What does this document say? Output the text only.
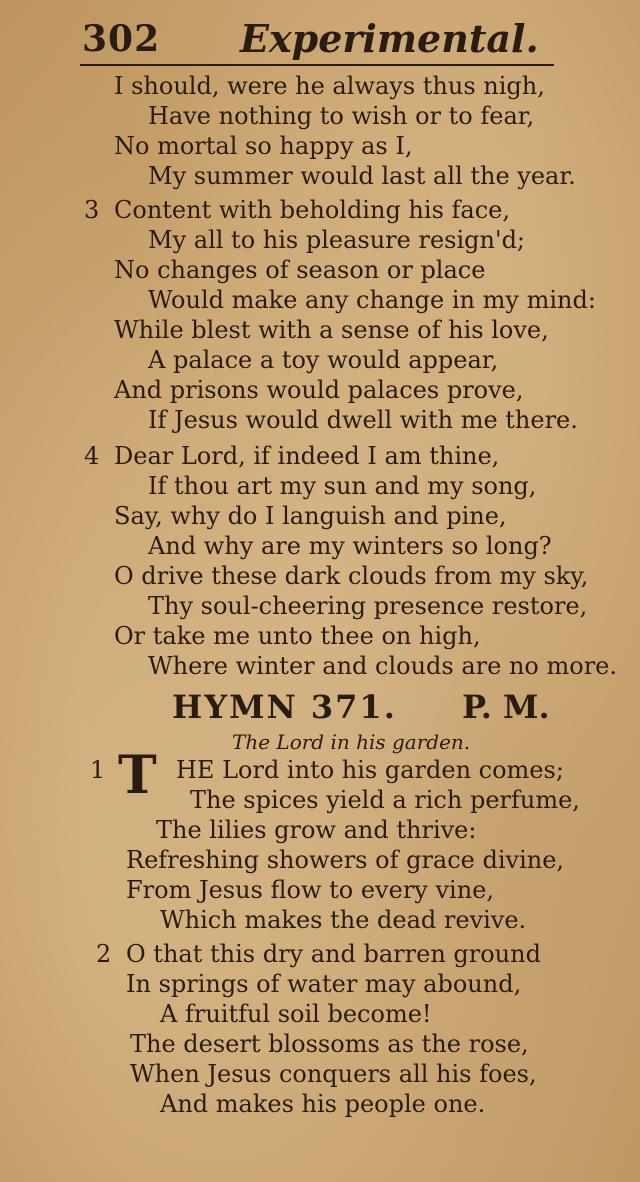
302 Experimental.
I should, were he always thus nigh,
Have nothing to wish or to fear,
No mortal so happy as I,
My summer would last all the year.
3 Content with beholding his face,
My all to his pleasure resign'd;
No changes of season or place
Would make any change in my mind:
While blest with a sense of his love,
A palace a toy would appear,
And prisons would palaces prove,
If Jesus would dwell with me there.
4 Dear Lord, if indeed I am thine,
If thou art my sun and my song,
Say, why do I languish and pine,
And why are my winters so long?
O drive these dark clouds from my sky,
Thy soul-cheering presence restore,
Or take me unto thee on high,
Where winter and clouds are no more.
HYMN 371. P. M.
The Lord in his garden.
1 T HE Lord into his garden comes;
The spices yield a rich perfume,
The lilies grow and thrive:
Refreshing showers of grace divine,
From Jesus flow to every vine,
Which makes the dead revive.
2 O that this dry and barren ground
In springs of water may abound,
A fruitful soil become!
The desert blossoms as the rose,
When Jesus conquers all his foes,
And makes his people one.
